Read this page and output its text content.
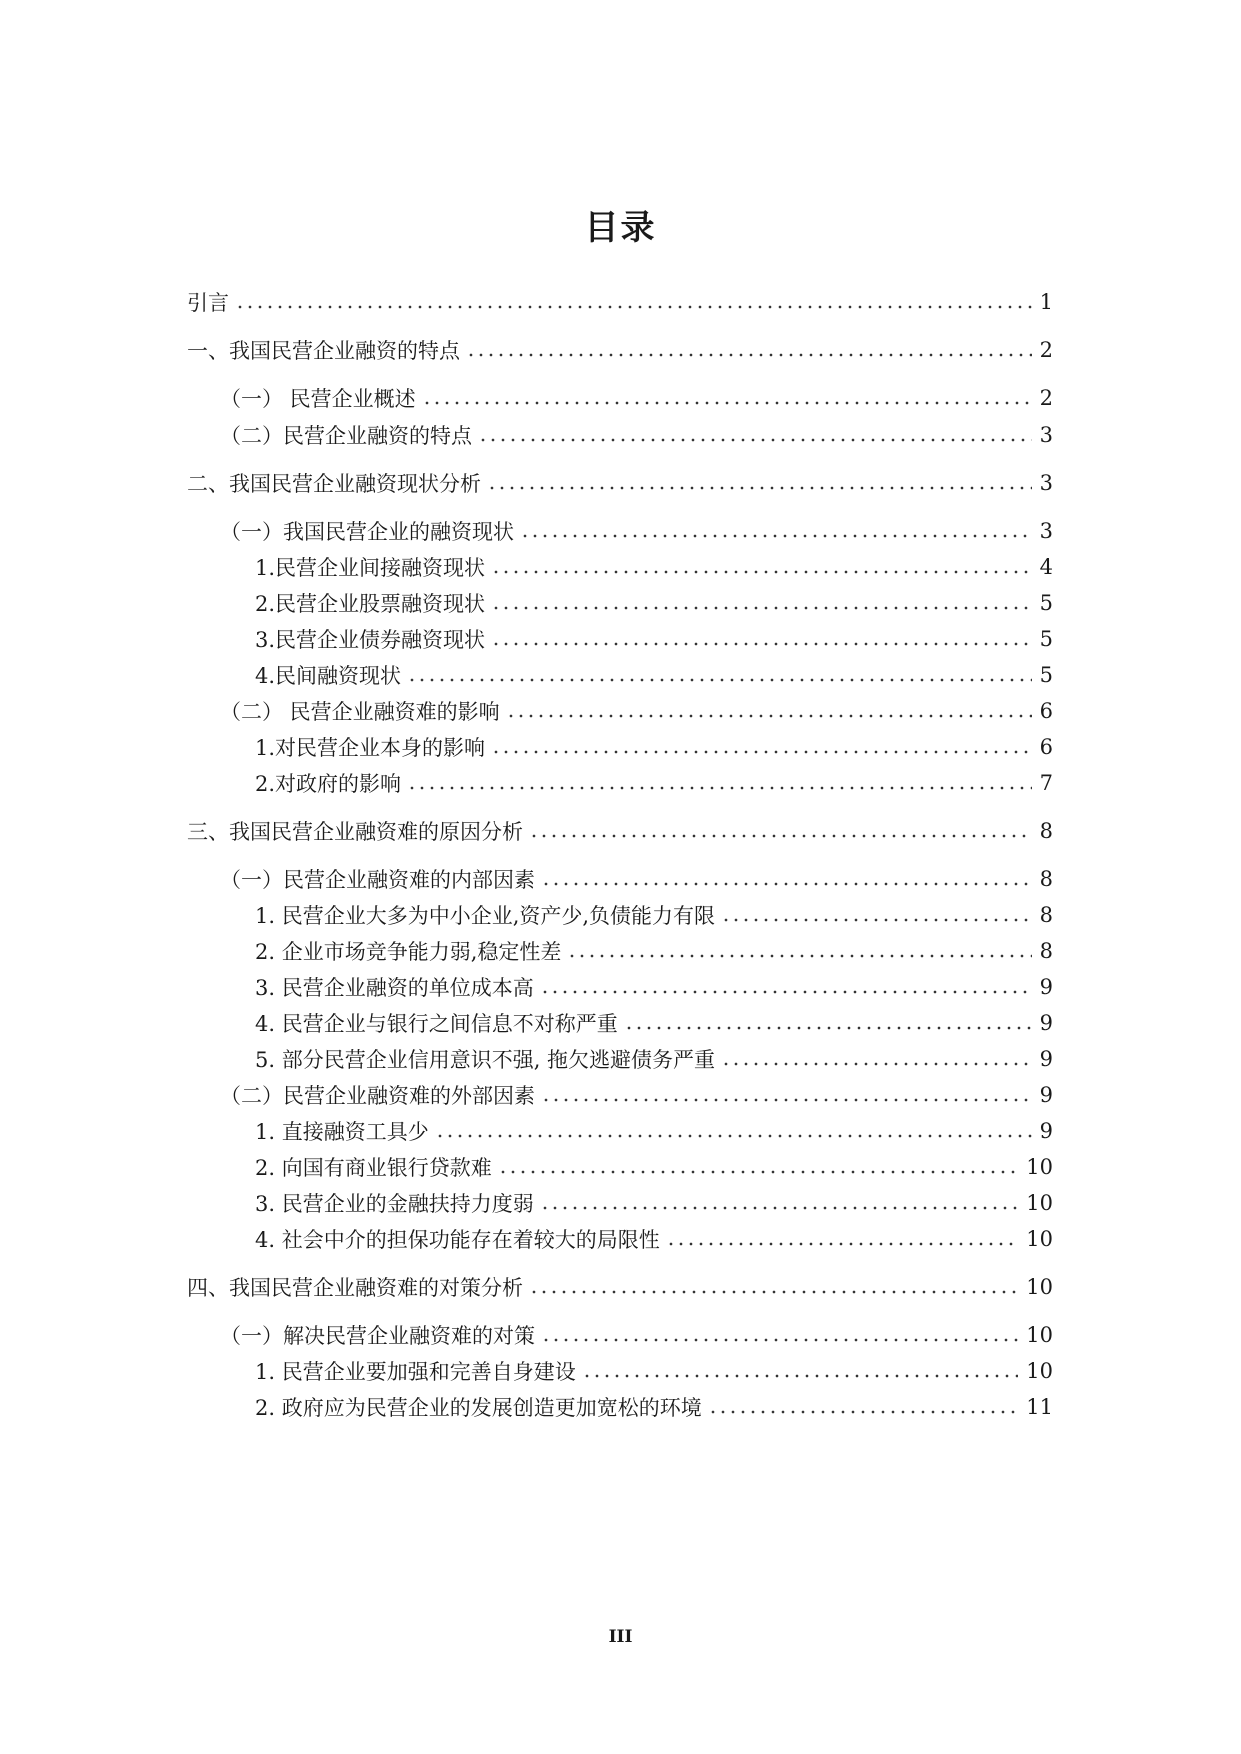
目录
引言	1
一、我国民营企业融资的特点	2
（一） 民营企业概述	2
（二）民营企业融资的特点	3
二、我国民营企业融资现状分析	3
（一）我国民营企业的融资现状	3
1.民营企业间接融资现状	4
2.民营企业股票融资现状	5
3.民营企业债券融资现状	5
4.民间融资现状	5
（二） 民营企业融资难的影响	6
1.对民营企业本身的影响	6
2.对政府的影响	7
三、我国民营企业融资难的原因分析	8
（一）民营企业融资难的内部因素	8
1. 民营企业大多为中小企业,资产少,负债能力有限	8
2. 企业市场竞争能力弱,稳定性差	8
3. 民营企业融资的单位成本高	9
4. 民营企业与银行之间信息不对称严重	9
5. 部分民营企业信用意识不强, 拖欠逃避债务严重	9
（二）民营企业融资难的外部因素	9
1. 直接融资工具少	9
2. 向国有商业银行贷款难	10
3. 民营企业的金融扶持力度弱	10
4. 社会中介的担保功能存在着较大的局限性	10
四、我国民营企业融资难的对策分析	10
（一）解决民营企业融资难的对策	10
1. 民营企业要加强和完善自身建设	10
2. 政府应为民营企业的发展创造更加宽松的环境	11
III
